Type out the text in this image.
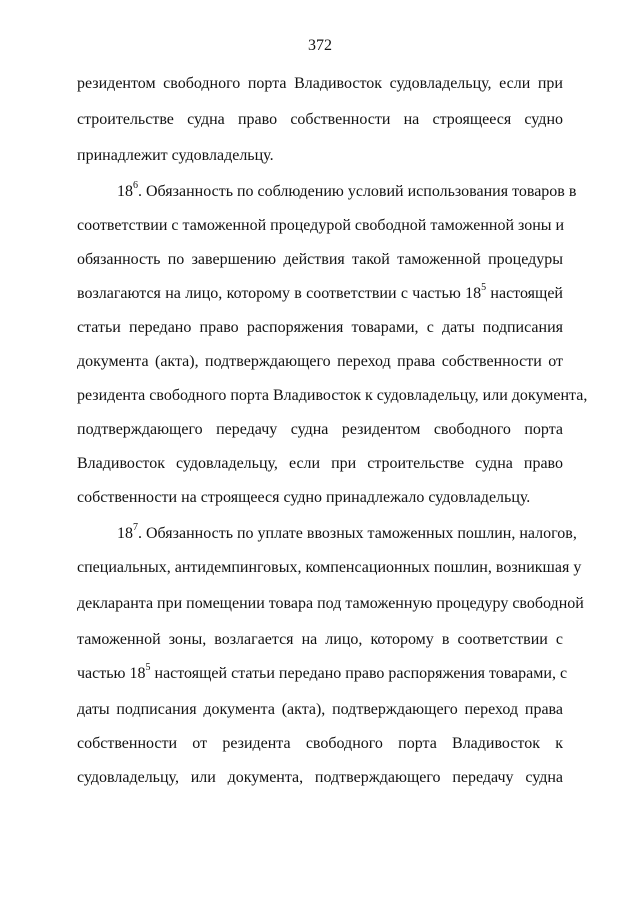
372
резидентом свободного порта Владивосток судовладельцу, если при
строительстве судна право собственности на строящееся судно
принадлежит судовладельцу.
$18^6$. Обязанность по соблюдению условий использования товаров в
соответствии с таможенной процедурой свободной таможенной зоны и
обязанность по завершению действия такой таможенной процедуры
возлагаются на лицо, которому в соответствии с частью $18^5$ настоящей
статьи передано право распоряжения товарами, с даты подписания
документа (акта), подтверждающего переход права собственности от
резидента свободного порта Владивосток к судовладельцу, или документа,
подтверждающего передачу судна резидентом свободного порта
Владивосток судовладельцу, если при строительстве судна право
собственности на строящееся судно принадлежало судовладельцу.
$18^7$. Обязанность по уплате ввозных таможенных пошлин, налогов,
специальных, антидемпинговых, компенсационных пошлин, возникшая у
декларанта при помещении товара под таможенную процедуру свободной
таможенной зоны, возлагается на лицо, которому в соответствии с
частью $18^5$ настоящей статьи передано право распоряжения товарами, с
даты подписания документа (акта), подтверждающего переход права
собственности от резидента свободного порта Владивосток к
судовладельцу, или документа, подтверждающего передачу судна
